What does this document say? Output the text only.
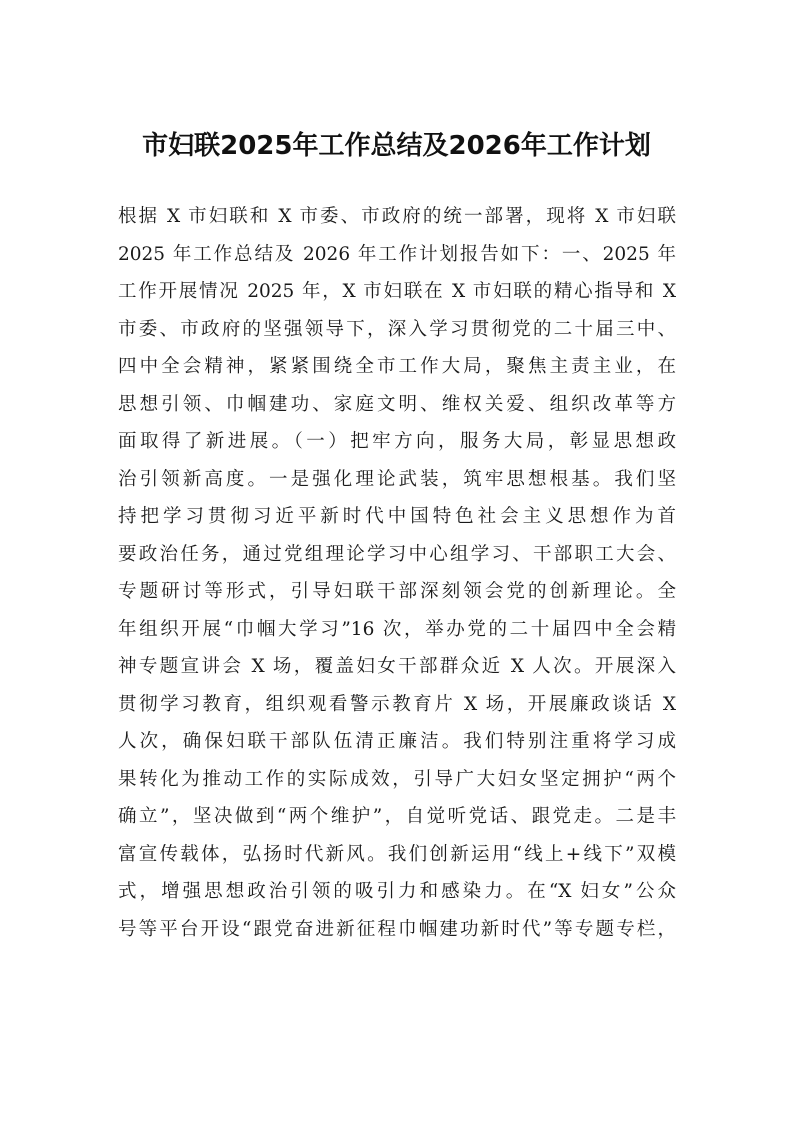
市妇联2025年工作总结及2026年工作计划
根据 X 市妇联和 X 市委、市政府的统一部署，现将 X 市妇联
2025 年工作总结及 2026 年工作计划报告如下：一、2025 年
工作开展情况 2025 年，X 市妇联在 X 市妇联的精心指导和 X
市委、市政府的坚强领导下，深入学习贯彻党的二十届三中、
四中全会精神，紧紧围绕全市工作大局，聚焦主责主业，在
思想引领、巾帼建功、家庭文明、维权关爱、组织改革等方
面取得了新进展。（一）把牢方向，服务大局，彰显思想政
治引领新高度。一是强化理论武装，筑牢思想根基。我们坚
持把学习贯彻习近平新时代中国特色社会主义思想作为首
要政治任务，通过党组理论学习中心组学习、干部职工大会、
专题研讨等形式，引导妇联干部深刻领会党的创新理论。全
年组织开展“巾帼大学习”16 次，举办党的二十届四中全会精
神专题宣讲会 X 场，覆盖妇女干部群众近 X 人次。开展深入
贯彻学习教育，组织观看警示教育片 X 场，开展廉政谈话 X
人次，确保妇联干部队伍清正廉洁。我们特别注重将学习成
果转化为推动工作的实际成效，引导广大妇女坚定拥护“两个
确立”，坚决做到“两个维护”，自觉听党话、跟党走。二是丰
富宣传载体，弘扬时代新风。我们创新运用“线上+线下”双模
式，增强思想政治引领的吸引力和感染力。在“X 妇女”公众
号等平台开设“跟党奋进新征程巾帼建功新时代”等专题专栏，
